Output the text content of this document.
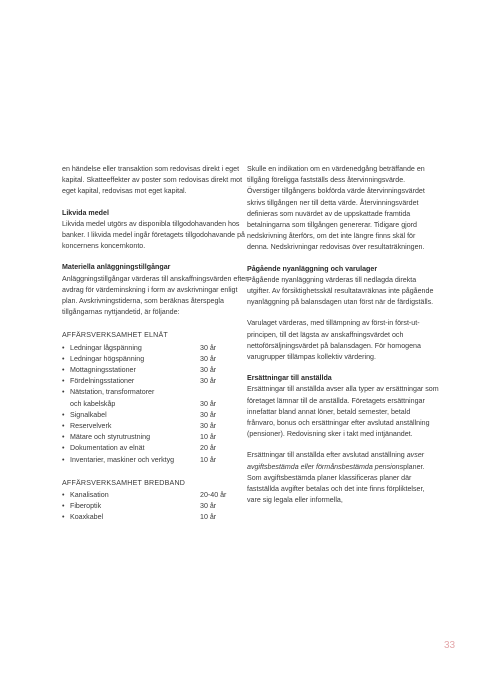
en händelse eller transaktion som redovisas direkt i eget kapital. Skatteeffekter av poster som redovisas direkt mot eget kapital, redovisas mot eget kapital.

Likvida medel

Likvida medel utgörs av disponibla tillgodohavanden hos banker. I likvida medel ingår företagets tillgodohavande på koncernens koncernkonto.

Materiella anläggningstillgångar

Anläggningstillgångar värderas till anskaffningsvärden efter avdrag för värdeminskning i form av avskrivningar enligt plan. Avskrivningstiderna, som beräknas återspegla tillgångarnas nyttjandetid, är följande:

AFFÄRSVERKSAMHET ELNÄT
• Ledningar lågspänning	30 år
• Ledningar högspänning	30 år
• Mottagningsstationer	30 år
• Fördelningsstationer	30 år
• Nätstation, transformatorer
och kabelskåp	30 år
• Signalkabel	30 år
• Reservelverk	30 år
• Mätare och styrutrustning	10 år
• Dokumentation av elnät	20 år
• Inventarier, maskiner och verktyg	10 år
AFFÄRSVERKSAMHET BREDBAND
• Kanalisation	20-40 år
• Fiberoptik	30 år
• Koaxkabel	10 år

Skulle en indikation om en värdenedgång beträffande en tillgång föreligga fastställs dess återvinningsvärde. Överstiger tillgångens bokförda värde återvinningsvärdet skrivs tillgången ner till detta värde. Återvinningsvärdet definieras som nuvärdet av de uppskattade framtida betalningarna som tillgången genererar. Tidigare gjord nedskrivning återförs, om det inte längre finns skäl för denna. Nedskrivningar redovisas över resultaträkningen.

Pågående nyanläggning och varulager

Pågående nyanläggning värderas till nedlagda direkta utgifter. Av försiktighetsskäl resultatavräknas inte pågående nyanläggning på balansdagen utan först när de färdigställs.

Varulaget värderas, med tillämpning av först-in först-ut-principen, till det lägsta av anskaffningsvärdet och nettoförsäljningsvärdet på balansdagen. För homogena varugrupper tillämpas kollektiv värdering.

Ersättningar till anställda

Ersättningar till anställda avser alla typer av ersättningar som företaget lämnar till de anställda. Företagets ersättningar innefattar bland annat löner, betald semester, betald frånvaro, bonus och ersättningar efter avslutad anställning (pensioner). Redovisning sker i takt med intjänandet.

Ersättningar till anställda efter avslutad anställning avser avgiftsbestämda eller förmånsbestämda pensionsplaner. Som avgiftsbestämda planer klassificeras planer där fastställda avgifter betalas och det inte finns förpliktelser, vare sig legala eller informella,

33
